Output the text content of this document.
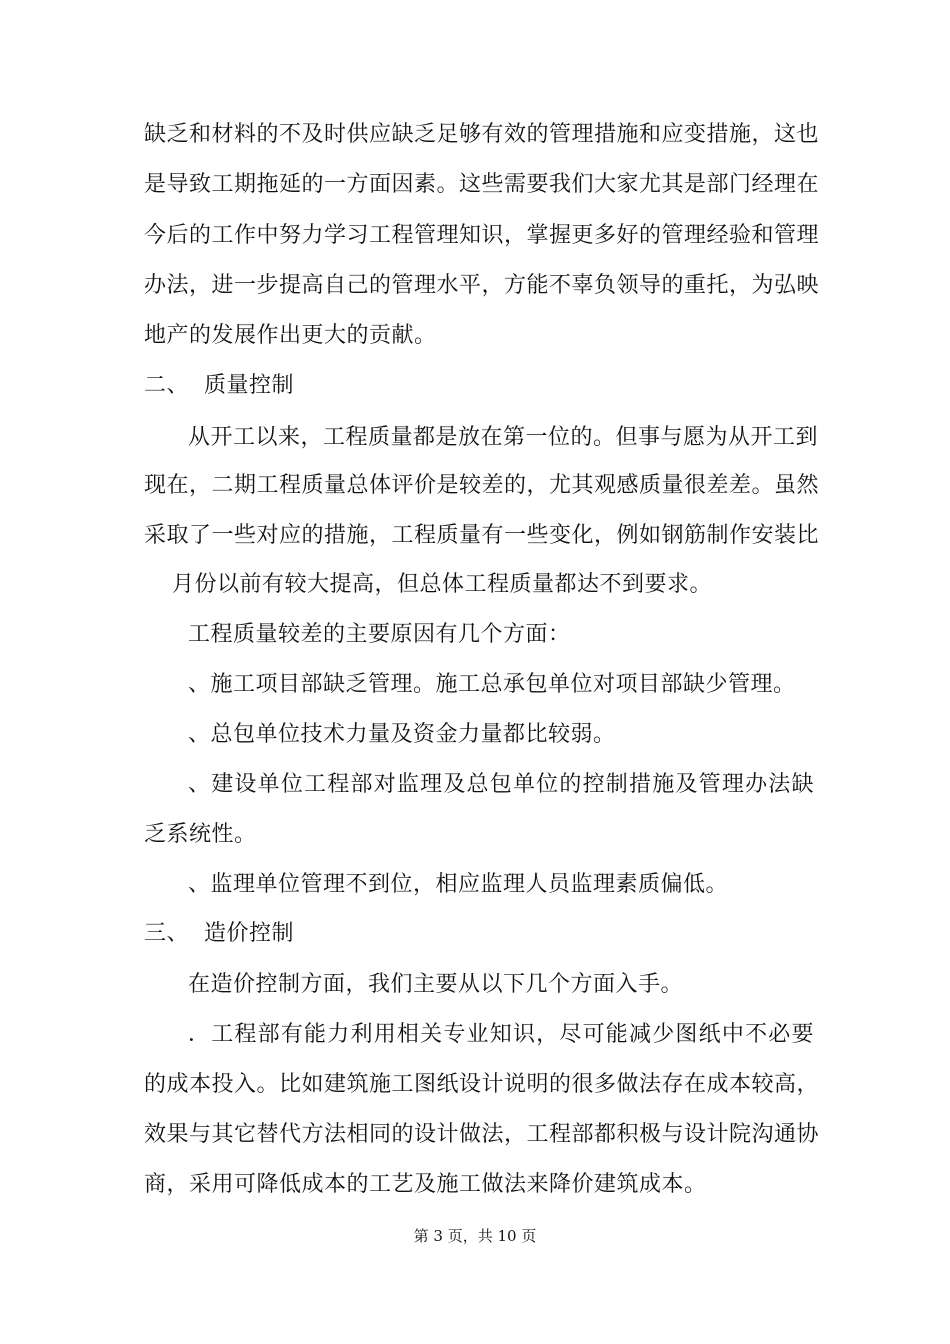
缺乏和材料的不及时供应缺乏足够有效的管理措施和应变措施，这也
是导致工期拖延的一方面因素。这些需要我们大家尤其是部门经理在
今后的工作中努力学习工程管理知识，掌握更多好的管理经验和管理
办法，进一步提高自己的管理水平，方能不辜负领导的重托，为弘映
地产的发展作出更大的贡献。
二、  质量控制
从开工以来，工程质量都是放在第一位的。但事与愿为从开工到
现在，二期工程质量总体评价是较差的，尤其观感质量很差差。虽然
采取了一些对应的措施，工程质量有一些变化，例如钢筋制作安装比
月份以前有较大提高，但总体工程质量都达不到要求。
工程质量较差的主要原因有几个方面：
、施工项目部缺乏管理。施工总承包单位对项目部缺少管理。
、总包单位技术力量及资金力量都比较弱。
、建设单位工程部对监理及总包单位的控制措施及管理办法缺
乏系统性。
、监理单位管理不到位，相应监理人员监理素质偏低。
三、  造价控制
在造价控制方面，我们主要从以下几个方面入手。
．工程部有能力利用相关专业知识，尽可能减少图纸中不必要
的成本投入。比如建筑施工图纸设计说明的很多做法存在成本较高，
效果与其它替代方法相同的设计做法，工程部都积极与设计院沟通协
商，采用可降低成本的工艺及施工做法来降价建筑成本。
第 3 页，共 10 页
